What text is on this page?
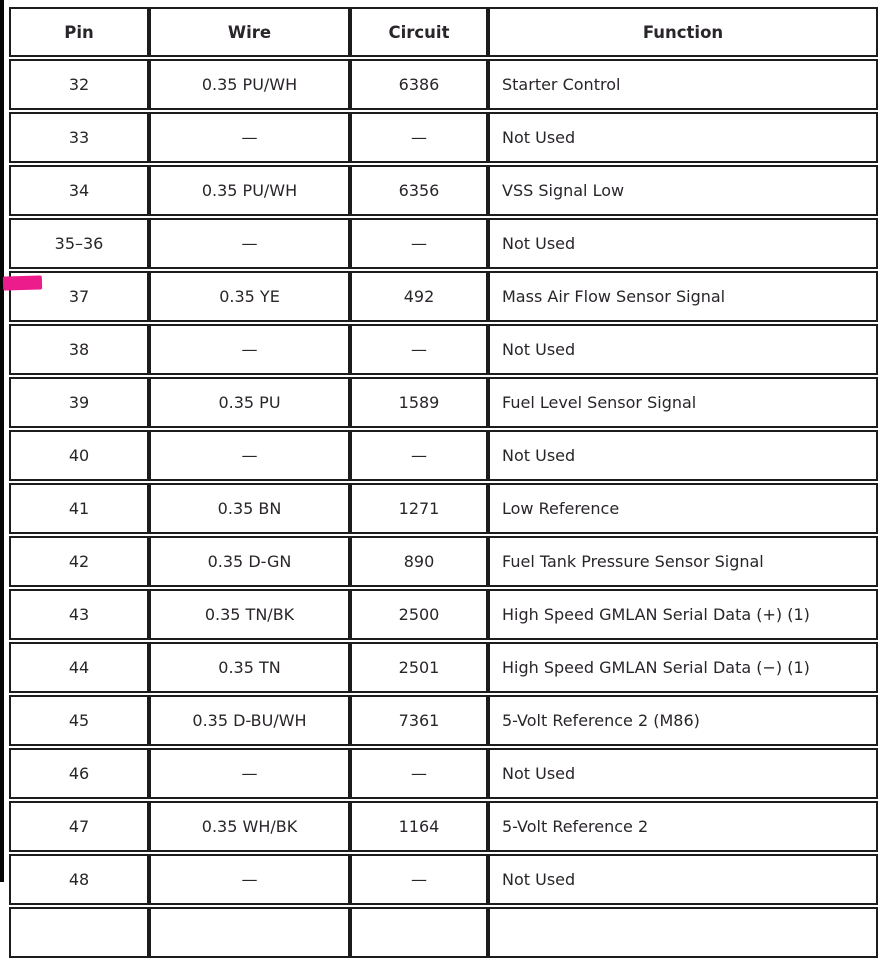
Pin	Wire	Circuit	Function
32	0.35 PU/WH	6386	Starter Control
33	—	—	Not Used
34	0.35 PU/WH	6356	VSS Signal Low
35–36	—	—	Not Used
37	0.35 YE	492	Mass Air Flow Sensor Signal
38	—	—	Not Used
39	0.35 PU	1589	Fuel Level Sensor Signal
40	—	—	Not Used
41	0.35 BN	1271	Low Reference
42	0.35 D-GN	890	Fuel Tank Pressure Sensor Signal
43	0.35 TN/BK	2500	High Speed GMLAN Serial Data (+) (1)
44	0.35 TN	2501	High Speed GMLAN Serial Data (−) (1)
45	0.35 D-BU/WH	7361	5-Volt Reference 2 (M86)
46	—	—	Not Used
47	0.35 WH/BK	1164	5-Volt Reference 2
48	—	—	Not Used
